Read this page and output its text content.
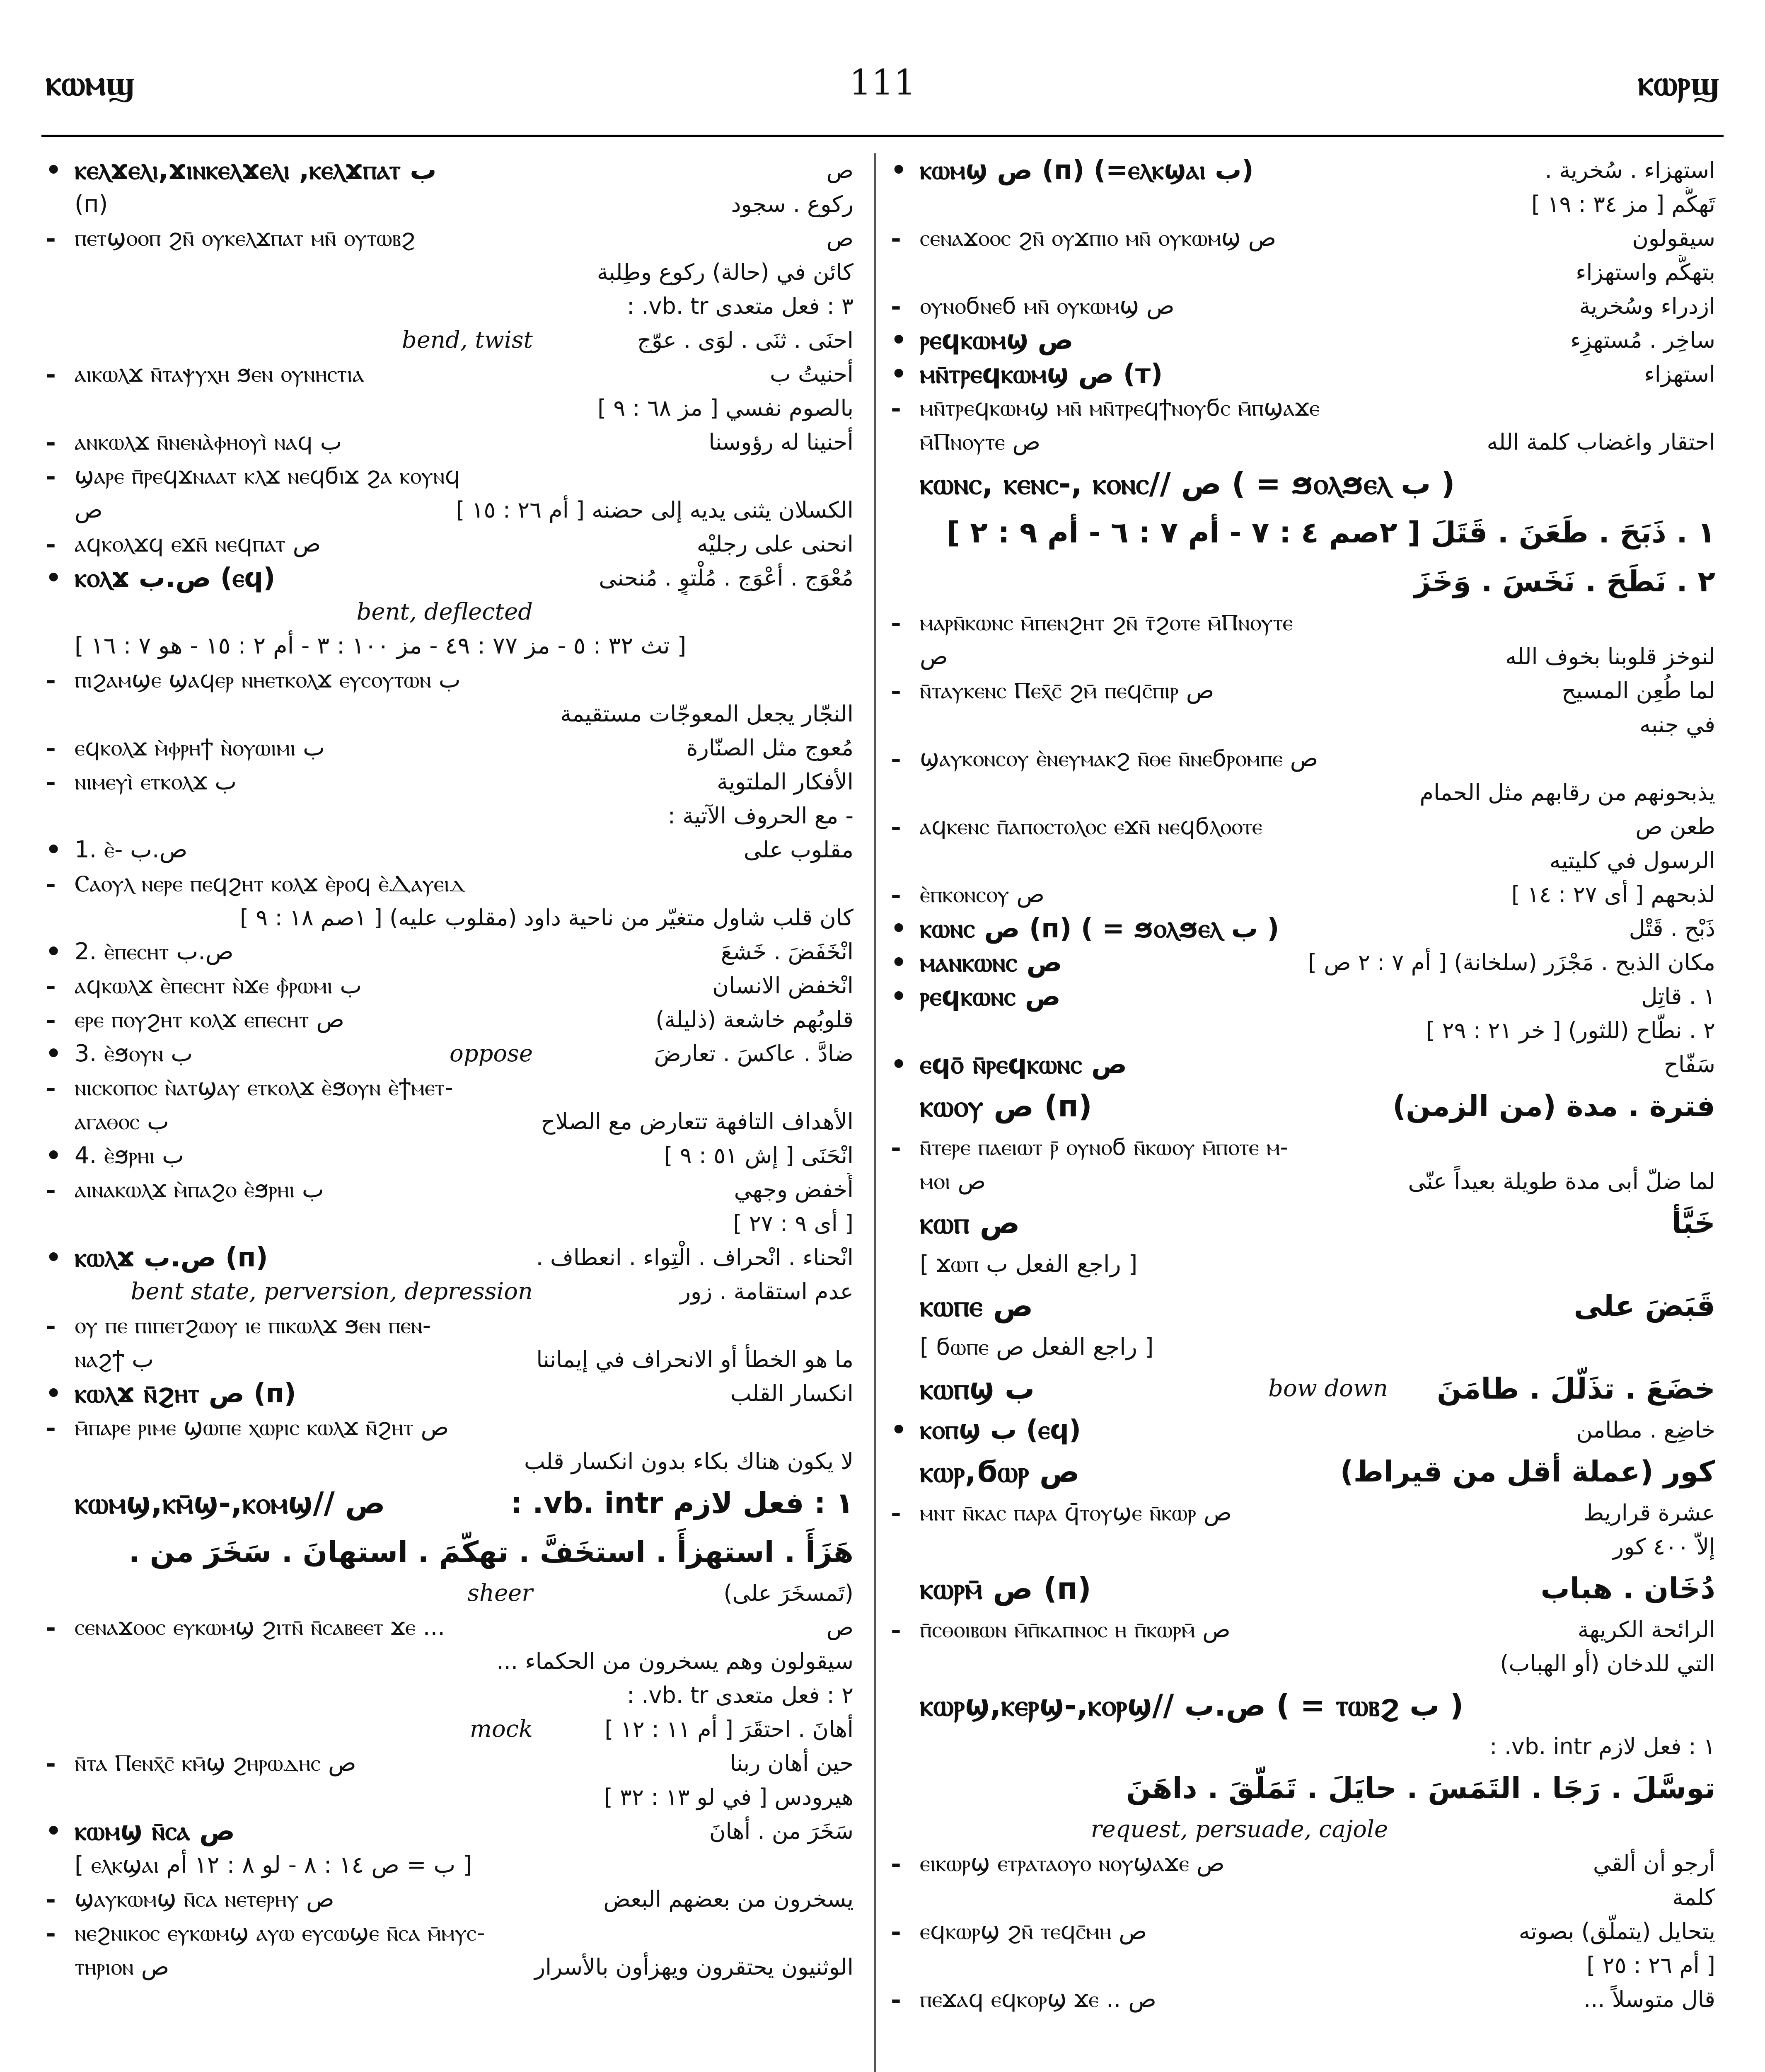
ⲕⲱⲙϣ	111	ⲕⲱⲣϣ
• ⲕⲉⲗϫⲉⲗⲓ,ϫⲓⲛⲕⲉⲗϫⲉⲗⲓ ,ⲕⲉⲗϫⲡⲁⲧ ب	ص
(п)	ركوع . سجود
- ⲡⲉⲧϣⲟⲟⲡ ϩⲛ̄ ⲟⲩⲕⲉⲗϫⲡⲁⲧ ⲙⲛ̄ ⲟⲩⲧⲱⲃϩ	ص
كائن في (حالة) ركوع وطِلبة
٣ : فعل متعدى vb. tr. :
bend, twist	احنَى . ثنَى . لوَى . عوّج
- ⲁⲓⲕⲱⲗϫ ⲛ̄ⲧⲁⲯⲩⲭⲏ ϧⲉⲛ ⲟⲩⲛⲏⲥⲧⲓⲁ	أحنيتُ ب
بالصوم نفسي [ مز ٦٨ : ٩ ]
- ⲁⲛⲕⲱⲗϫ ⲛ̄ⲛⲉⲛⲁ̀ⲫⲏⲟⲩⲓ̀ ⲛⲁϥ ب	أحنينا له رؤوسنا
- ϣⲁⲣⲉ ⲡ̄ⲣⲉϥϫⲛⲁⲁⲧ ⲕⲗϫ ⲛⲉϥϭⲓϫ ϩⲁ ⲕⲟⲩⲛϥ
ص	الكسلان يثنى يديه إلى حضنه [ أم ٢٦ : ١٥ ]
- ⲁϥⲕⲟⲗϫϥ ⲉϫⲛ̄ ⲛⲉϥⲡⲁⲧ ص	انحنى على رجليْه
• ⲕⲟⲗϫ ص.ب (ⲉϥ)	مُعْوَج . أعْوَج . مُلْتوٍ . مُنحنى
bent, deflected
[ تث ٣٢ : ٥ - مز ٧٧ : ٤٩ - مز ١٠٠ : ٣ - أم ٢ : ١٥ - هو ٧ : ١٦ ]
- ⲡⲓϩⲁⲙϣⲉ ϣⲁϥⲉⲣ ⲛⲏⲉⲧⲕⲟⲗϫ ⲉⲩⲥⲟⲩⲧⲱⲛ ب
النجّار يجعل المعوجّات مستقيمة
- ⲉϥⲕⲟⲗϫ ⲙ̀ⲫⲣⲏϯ ⲛ̀ⲟⲩⲱⲓⲙⲓ ب	مُعوج مثل الصنّارة
- ⲛⲓⲙⲉⲩⲓ̀ ⲉⲧⲕⲟⲗϫ ب	الأفكار الملتوية
- مع الحروف الآتية :
• 1. ⲉ̀- ص.ب	مقلوب على
- Ⲥⲁⲟⲩⲗ ⲛⲉⲣⲉ ⲡⲉϥϩⲏⲧ ⲕⲟⲗϫ ⲉ̀ⲣⲟϥ ⲉ̀Ⲇⲁⲩⲉⲓⲇ
كان قلب شاول متغيّر من ناحية داود (مقلوب عليه) [ ١صم ١٨ : ٩ ]
• 2. ⲉ̀ⲡⲉⲥⲏⲧ ص.ب	انْخَفَضَ . خَشعَ
- ⲁϥⲕⲱⲗϫ ⲉ̀ⲡⲉⲥⲏⲧ ⲛ̀ϫⲉ ⲫ̀ⲣⲱⲙⲓ ب	انْخفض الانسان
- ⲉⲣⲉ ⲡⲟⲩϩⲏⲧ ⲕⲟⲗϫ ⲉⲡⲉⲥⲏⲧ ص	قلوبُهم خاشعة (ذليلة)
• 3. ⲉ̀ϧⲟⲩⲛ ب	oppose	ضادَّ . عاكسَ . تعارضَ
- ⲛⲓⲥⲕⲟⲡⲟⲥ ⲛ̀ⲁⲧϣⲁⲩ ⲉⲧⲕⲟⲗϫ ⲉ̀ϧⲟⲩⲛ ⲉ̀ϯⲙⲉⲧ-
ⲁⲅⲁⲑⲟⲥ ب	الأهداف التافهة تتعارض مع الصلاح
• 4. ⲉ̀ϧⲣⲏⲓ ب	انْحَنَى [ إش ٥١ : ٩ ]
- ⲁⲓⲛⲁⲕⲱⲗϫ ⲙ̀ⲡⲁϩⲟ ⲉ̀ϧⲣⲏⲓ ب	أُخفض وجهي
[ أى ٩ : ٢٧ ]
• ⲕⲱⲗϫ ص.ب (п)	انْحناء . انْحراف . الْتِواء . انعطاف .
bent state, perversion, depression	عدم استقامة . زور
- ⲟⲩ ⲡⲉ ⲡⲓⲡⲉⲧϩⲱⲟⲩ ⲓⲉ ⲡⲓⲕⲱⲗϫ ϧⲉⲛ ⲡⲉⲛ-
ⲛⲁϩϯ ب	ما هو الخطأ أو الانحراف في إيماننا
• ⲕⲱⲗϫ ⲛ̄ϩⲏⲧ ص (п)	انكسار القلب
- ⲙ̄ⲡⲁⲣⲉ ⲣⲓⲙⲉ ϣⲱⲡⲉ ⲭⲱⲣⲓⲥ ⲕⲱⲗϫ ⲛ̄ϩⲏⲧ ص
لا يكون هناك بكاء بدون انكسار قلب
ⲕⲱⲙϣ,ⲕⲙ̄ϣ-,ⲕⲟⲙϣ// ص	١ : فعل لازم vb. intr. :
هَزَأَ . استهزأَ . استخَفَّ . تهكّمَ . استهانَ . سَخَرَ من .
sheer	(تَمسخَرَ على)
- ⲥⲉⲛⲁϫⲟⲟⲥ ⲉⲩⲕⲱⲙϣ ϩⲓⲧⲛ̄ ⲛ̄ⲥⲁⲃⲉⲉⲧ ϫⲉ ...	ص
سيقولون وهم يسخرون من الحكماء ...
٢ : فعل متعدى vb. tr. :
mock	أهانَ . احتقَرَ [ أم ١١ : ١٢ ]
- ⲛ̄ⲧⲁ Ⲡⲉⲛⲭ̄ⲥ̄ ⲕⲙ̄ϣ ϩⲏⲣⲱⲇⲏⲥ ص	حين أهان ربنا
هيرودس [ في لو ١٣ : ٣٢ ]
• ⲕⲱⲙϣ ⲛ̄ⲥⲁ ص	سَخَرَ من . أهانَ
[ ⲉⲗⲕϣⲁⲓ ب = ص ١٤ : ٨ - لو ٨ : ١٢ أم ]
- ϣⲁⲩⲕⲱⲙϣ ⲛ̄ⲥⲁ ⲛⲉⲧⲉⲣⲏⲩ ص	يسخرون من بعضهم البعض
- ⲛⲉϩⲛⲓⲕⲟⲥ ⲉⲩⲕⲱⲙϣ ⲁⲩⲱ ⲉⲩⲥⲱϣⲉ ⲛ̄ⲥⲁ ⲙ̄ⲙⲩⲥ-
ⲧⲏⲣⲓⲟⲛ ص	الوثنيون يحتقرون ويهزأون بالأسرار
• ⲕⲱⲙϣ ص (п) (=ⲉⲗⲕϣⲁⲓ ب)	استهزاء . سُخرية .
تَهكُّم [ مز ٣٤ : ١٩ ]
- ⲥⲉⲛⲁϫⲟⲟⲥ ϩⲛ̄ ⲟⲩϫⲡⲓⲟ ⲙⲛ̄ ⲟⲩⲕⲱⲙϣ ص	سيقولون
بتهكُّم واستهزاء
- ⲟⲩⲛⲟϭⲛⲉϭ ⲙⲛ̄ ⲟⲩⲕⲱⲙϣ ص	ازدراء وسُخرية
• ⲣⲉϥⲕⲱⲙϣ ص	ساخِر . مُستهزِء
• ⲙⲛ̄ⲧⲣⲉϥⲕⲱⲙϣ ص (т)	استهزاء
- ⲙⲛ̄ⲧⲣⲉϥⲕⲱⲙϣ ⲙⲛ̄ ⲙⲛ̄ⲧⲣⲉϥϯⲛⲟⲩϭⲥ ⲙ̄ⲡϣⲁϫⲉ
ⲙ̄Ⲡⲛⲟⲩⲧⲉ ص	احتقار واغضاب كلمة الله
ⲕⲱⲛⲥ, ⲕⲉⲛⲥ-, ⲕⲟⲛⲥ// ص ( = ϧⲟⲗϧⲉⲗ ب )
١ . ذَبَحَ . طَعَنَ . قَتَلَ [ ٢صم ٤ : ٧ - أم ٧ : ٦ - أم ٩ : ٢ ]
٢ . نَطَحَ . نَخَسَ . وَخَزَ
- ⲙⲁⲣⲛ̄ⲕⲱⲛⲥ ⲙ̄ⲡⲉⲛϩⲏⲧ ϩⲛ̄ ⲧ̄ϩⲟⲧⲉ ⲙ̄Ⲡⲛⲟⲩⲧⲉ
ص	لنوخز قلوبنا بخوف الله
- ⲛ̄ⲧⲁⲩⲕⲉⲛⲥ Ⲡⲉⲭ̄ⲥ̄ ϩⲙ̄ ⲡⲉϥⲥ̄ⲡⲓⲣ ص	لما طُعِن المسيح
في جنبه
- ϣⲁⲩⲕⲟⲛⲥⲟⲩ ⲉ̀ⲛⲉⲩⲙⲁⲕϩ ⲛ̄ⲑⲉ ⲛ̄ⲛⲉϭⲣⲟⲙⲡⲉ ص
يذبحونهم من رقابهم مثل الحمام
- ⲁϥⲕⲉⲛⲥ ⲡ̄ⲁⲡⲟⲥⲧⲟⲗⲟⲥ ⲉϫⲛ̄ ⲛⲉϥϭⲗⲟⲟⲧⲉ	طعن ص
الرسول في كليتيه
- ⲉ̀ⲡⲕⲟⲛⲥⲟⲩ ص	لذبحهم [ أى ٢٧ : ١٤ ]
• ⲕⲱⲛⲥ ص (п) ( = ϧⲟⲗϧⲉⲗ ب )	ذَبْح . قَتْل
• ⲙⲁⲛⲕⲱⲛⲥ ص	مكان الذبح . مَجْزَر (سلخانة) [ أم ٧ : ٢ ص ]
• ⲣⲉϥⲕⲱⲛⲥ ص	١ . قاتِل
٢ . نطّاح (للثور) [ خر ٢١ : ٢٩ ]
• ⲉϥⲟ̄ ⲛ̄ⲣⲉϥⲕⲱⲛⲥ ص	سَفّاح
ⲕⲱⲟⲩ ص (п)	فترة . مدة (من الزمن)
- ⲛ̄ⲧⲉⲣⲉ ⲡⲁⲉⲓⲱⲧ ⲣ̄ ⲟⲩⲛⲟϭ ⲛ̄ⲕⲱⲟⲩ ⲙ̄ⲡⲟⲧⲉ ⲙ-
ⲙⲟⲓ ص	لما ضلّ أبى مدة طويلة بعيداً عنّى
ⲕⲱⲡ ص	خَبَّأ
[ ϫⲱⲡ راجع الفعل ب ]
ⲕⲱⲡⲉ ص	قَبَضَ على
[ ϭⲱⲡⲉ راجع الفعل ص ]
ⲕⲱⲡϣ ب	bow down خضَعَ . تذَلّلَ . طامَنَ
• ⲕⲟⲡϣ ب (ⲉϥ)	خاضِع . مطامن
ⲕⲱⲣ,ϭⲱⲣ ص	كور (عملة أقل من قيراط)
- ⲙⲛⲧ ⲛ̄ⲕⲁⲥ ⲡⲁⲣⲁ ϥ̄ⲧⲟⲩϣⲉ ⲛ̄ⲕⲱⲣ ص	عشرة قراريط
إلاّ ٤٠٠ كور
ⲕⲱⲣⲙ̄ ص (п)	دُخَان . هباب
- ⲡ̄ⲥⲑⲟⲓⲃⲱⲛ ⲙ̄ⲡ̄ⲕⲁⲡⲛⲟⲥ ⲏ ⲡ̄ⲕⲱⲣⲙ̄ ص	الرائحة الكريهة
التي للدخان (أو الهباب)
ⲕⲱⲣϣ,ⲕⲉⲣϣ-,ⲕⲟⲣϣ// ص.ب ( = ⲧⲱⲃϩ ب )
١ : فعل لازم vb. intr. :
توسَّلَ . رَجَا . التَمَسَ . حايَلَ . تَمَلّقَ . داهَنَ
request, persuade, cajole
- ⲉⲓⲕⲱⲣϣ ⲉⲧⲣⲁⲧⲁⲟⲩⲟ ⲛⲟⲩϣⲁϫⲉ ص	أرجو أن ألقي
كلمة
- ⲉϥⲕⲱⲣϣ ϩⲛ̄ ⲧⲉϥⲥ̄ⲙⲏ ص	يتحايل (يتملّق) بصوته
[ أم ٢٦ : ٢٥ ]
- ⲡⲉϫⲁϥ ⲉϥⲕⲟⲣϣ ϫⲉ .. ص	قال متوسلاً ...
